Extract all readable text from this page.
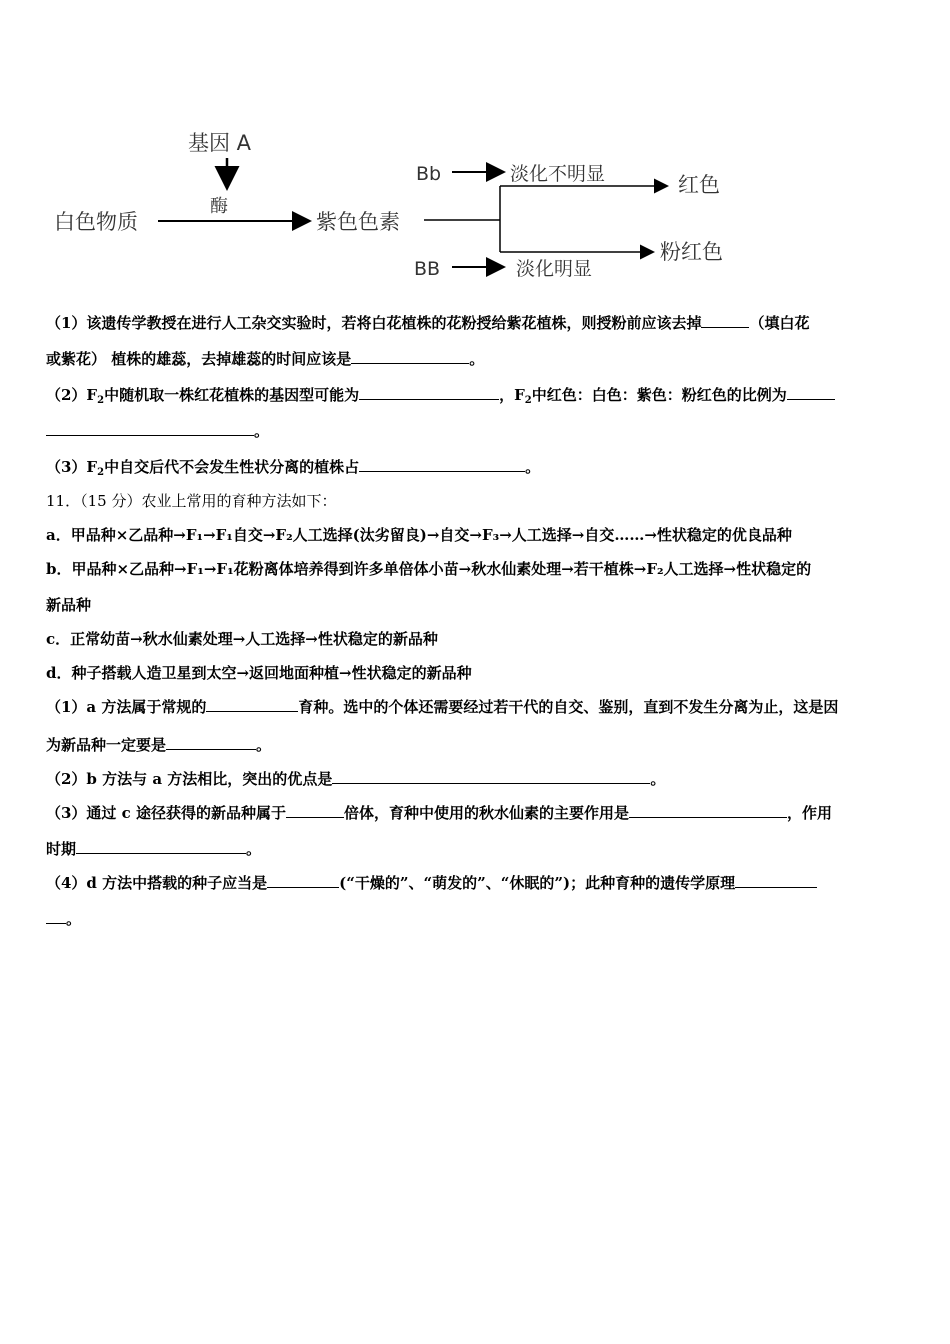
基因 A
酶
白色物质	紫色色素
Bb	淡化不明显	红色
BB	淡化明显
粉红色
（1）该遗传学教授在进行人工杂交实验时，若将白花植株的花粉授给紫花植株，则授粉前应该去掉	（填白花
或紫花） 植株的雄蕊，去掉雄蕊的时间应该是	。
$(2)F_2$中随机取一株红花植株的基因型可能为	，$F_2$中红色：白色：紫色：粉红色的比例为
。
$(3)F_2$中自交后代不会发生性状分离的植株占	。
11．（15 分）农业上常用的育种方法如下：
a．甲品种×乙品种→F₁→F₁自交→F₂人工选择(汰劣留良)→自交→F₃→人工选择→自交……→性状稳定的优良品种
b．甲品种×乙品种→F₁→F₁花粉离体培养得到许多单倍体小苗→秋水仙素处理→若干植株→F₂人工选择→性状稳定的
新品种
c．正常幼苗→秋水仙素处理→人工选择→性状稳定的新品种
d．种子搭载人造卫星到太空→返回地面种植→性状稳定的新品种
（1）a 方法属于常规的	育种。选中的个体还需要经过若干代的自交、鉴别，直到不发生分离为止，这是因
为新品种一定要是	。
（2）b 方法与 a 方法相比，突出的优点是	。
（3）通过 c 途径获得的新品种属于	倍体，育种中使用的秋水仙素的主要作用是	，作用
时期	。
（4）d 方法中搭载的种子应当是	(“干燥的”、“萌发的”、“休眠的”)；此种育种的遗传学原理
。
